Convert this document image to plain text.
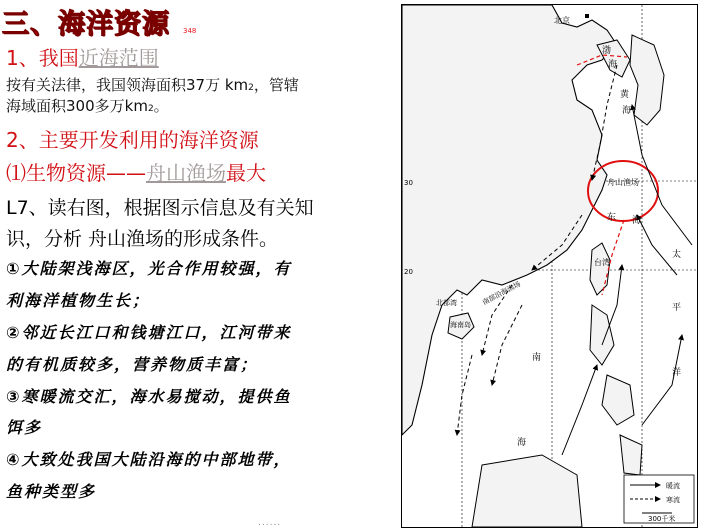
三、海洋资源 348
1、我国近海范围
按有关法律，我国领海面积37万 km2，管辖
海域面积300多万km2。
2、主要开发利用的海洋资源
⑴生物资源——舟山渔场最大
L7、读右图，根据图示信息及有关知
识，分析 舟山渔场的形成条件。
①大陆架浅海区，光合作用较强，有
利海洋植物生长；
②邻近长江口和钱塘江口，江河带来
的有机质较多，营养物质丰富；
③寒暖流交汇，海水易搅动，提供鱼
饵多
④大致处我国大陆沿海的中部地带，
鱼种类型多
......
北京
渤
海
黄
海
东 海
舟山渔场
台湾
太
平
洋
南
海
南部沿海渔场
北部湾
海南岛
30
20
暖流
寒流
300千米
